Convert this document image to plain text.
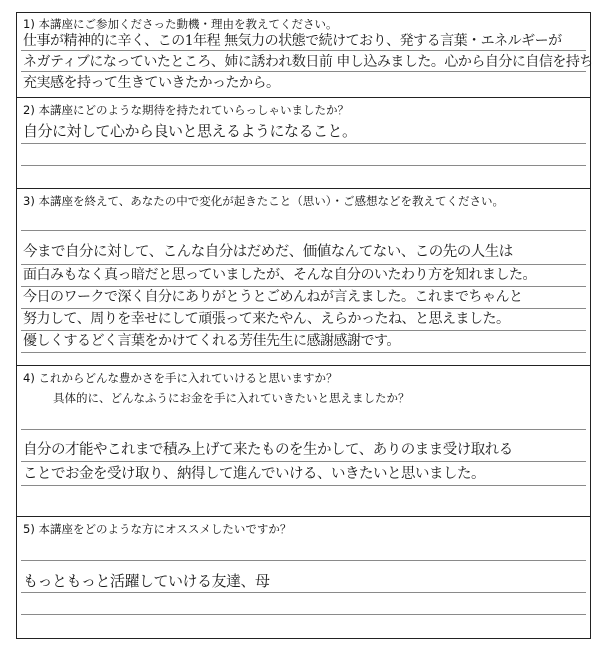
1) 本講座にご参加くださった動機・理由を教えてください。
仕事が精神的に辛く、この1年程 無気力の状態で続けており、発する言葉・エネルギーが
ネガティブになっていたところ、姉に誘われ数日前 申し込みました。心から自分に自信を持ち
充実感を持って生きていきたかったから。
2) 本講座にどのような期待を持たれていらっしゃいましたか？
自分に対して心から良いと思えるようになること。
3) 本講座を終えて、あなたの中で変化が起きたこと（思い）・ご感想などを教えてください。
今まで自分に対して、こんな自分はだめだ、価値なんてない、この先の人生は
面白みもなく真っ暗だと思っていましたが、そんな自分のいたわり方を知れました。
今日のワークで深く自分にありがとうとごめんねが言えました。これまでちゃんと
努力して、周りを幸せにして頑張って来たやん、えらかったね、と思えました。
優しくするどく言葉をかけてくれる芳佳先生に感謝感謝です。
4) これからどんな豊かさを手に入れていけると思いますか？
具体的に、どんなふうにお金を手に入れていきたいと思えましたか？
自分の才能やこれまで積み上げて来たものを生かして、ありのまま受け取れる
ことでお金を受け取り、納得して進んでいける、いきたいと思いました。
5) 本講座をどのような方にオススメしたいですか？
もっともっと活躍していける友達、母
